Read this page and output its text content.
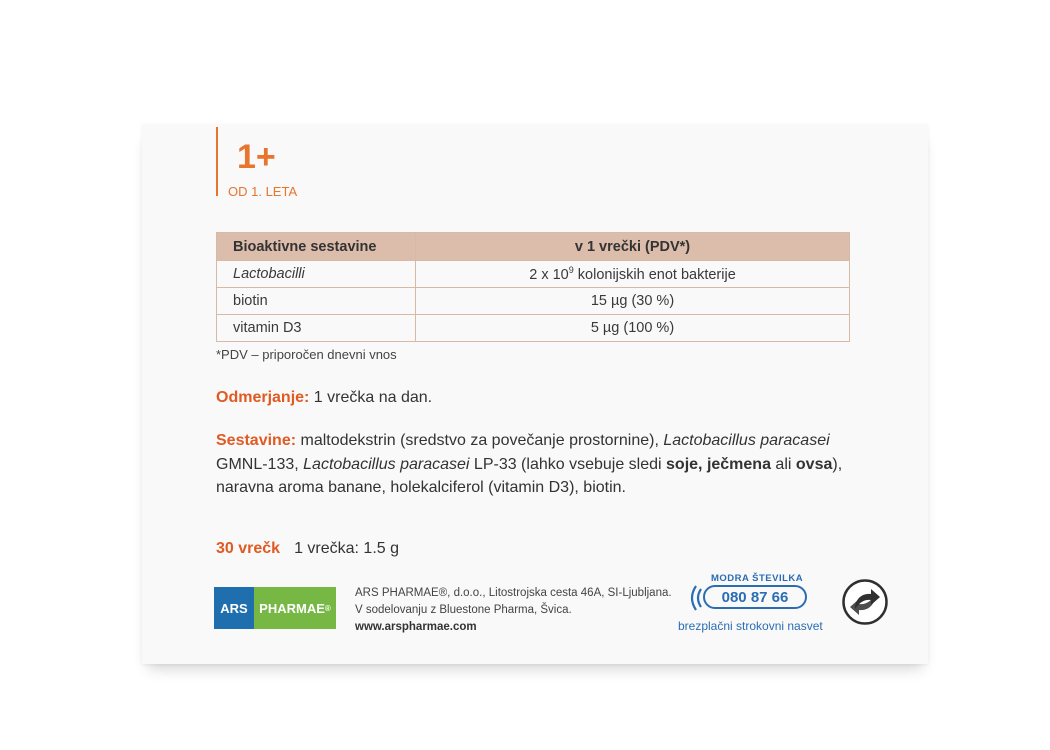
1+
OD 1. LETA
Bioaktivne sestavine	v 1 vrečki (PDV*)
Lactobacilli	2 x $10^9$ kolonijskih enot bakterije
biotin	15 µg (30 %)
vitamin D3	5 µg (100 %)
*PDV – priporočen dnevni vnos
Odmerjanje: 1 vrečka na dan.
Sestavine: maltodekstrin (sredstvo za povečanje prostornine), Lactobacillus paracasei GMNL-133, Lactobacillus paracasei LP-33 (lahko vsebuje sledi soje, ječmena ali ovsa), naravna aroma banane, holekalciferol (vitamin D3), biotin.
30 vrečk 1 vrečka: 1.5 g
ARS PHARMAE ®
ARS PHARMAE®, d.o.o., Litostrojska cesta 46A, SI-Ljubljana.
V sodelovanju z Bluestone Pharma, Švica.
www.arspharmae.com
MODRA ŠTEVILKA
080 87 66
brezplačni strokovni nasvet
